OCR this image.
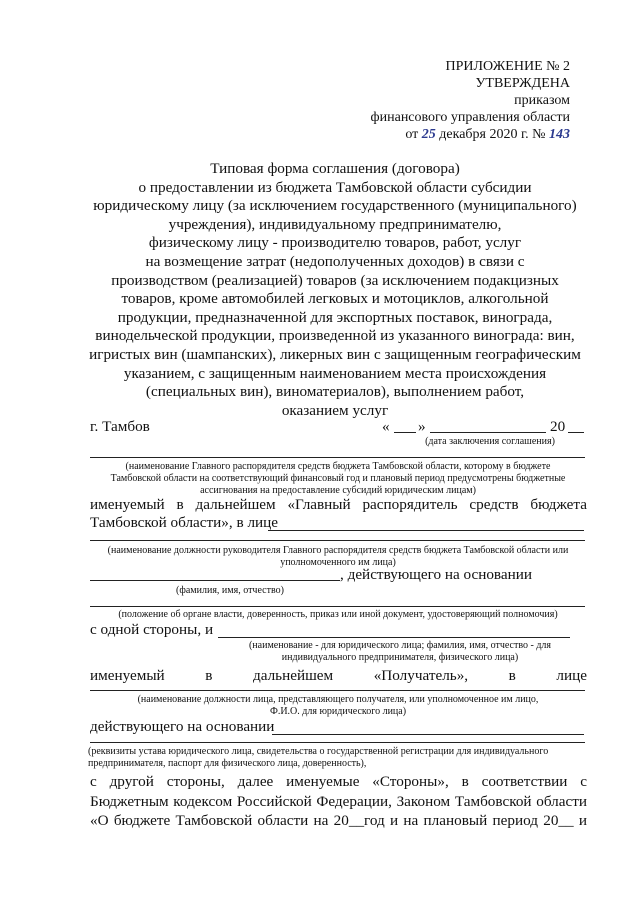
ПРИЛОЖЕНИЕ № 2
УТВЕРЖДЕНА
приказом
финансового управления области
от 25 декабря 2020 г. № 143
Типовая форма соглашения (договора)
о предоставлении из бюджета Тамбовской области субсидии
юридическому лицу (за исключением государственного (муниципального)
учреждения), индивидуальному предпринимателю,
физическому лицу - производителю товаров, работ, услуг
на возмещение затрат (недополученных доходов) в связи с
производством (реализацией) товаров (за исключением подакцизных
товаров, кроме автомобилей легковых и мотоциклов, алкогольной
продукции, предназначенной для экспортных поставок, винограда,
винодельческой продукции, произведенной из указанного винограда: вин,
игристых вин (шампанских), ликерных вин с защищенным географическим
указанием, с защищенным наименованием места происхождения
(специальных вин), виноматериалов), выполнением работ,
оказанием услуг
г. Тамбов	« »	20
(дата заключения соглашения)
(наименование Главного распорядителя средств бюджета Тамбовской области, которому в бюджете
Тамбовской области на соответствующий финансовый год и плановый период предусмотрены бюджетные
ассигнования на предоставление субсидий юридическим лицам)
именуемый в дальнейшем «Главный распорядитель средств бюджета
Тамбовской области», в лице
(наименование должности руководителя Главного распорядителя средств бюджета Тамбовской области или
уполномоченного им лица)
, действующего на основании
(фамилия, имя, отчество)
(положение об органе власти, доверенность, приказ или иной документ, удостоверяющий полномочия)
с одной стороны, и
(наименование - для юридического лица; фамилия, имя, отчество - для
индивидуального предпринимателя, физического лица)
именуемый	в	дальнейшем	«Получатель»,	в	лице
(наименование должности лица, представляющего получателя, или уполномоченное им лицо,
Ф.И.О. для юридического лица)
действующего на основании
(реквизиты устава юридического лица, свидетельства о государственной регистрации для индивидуального
предпринимателя, паспорт для физического лица, доверенность),
с другой стороны, далее именуемые «Стороны», в соответствии с
Бюджетным кодексом Российской Федерации, Законом Тамбовской области
«О бюджете Тамбовской области на 20__год и на плановый период 20__ и
